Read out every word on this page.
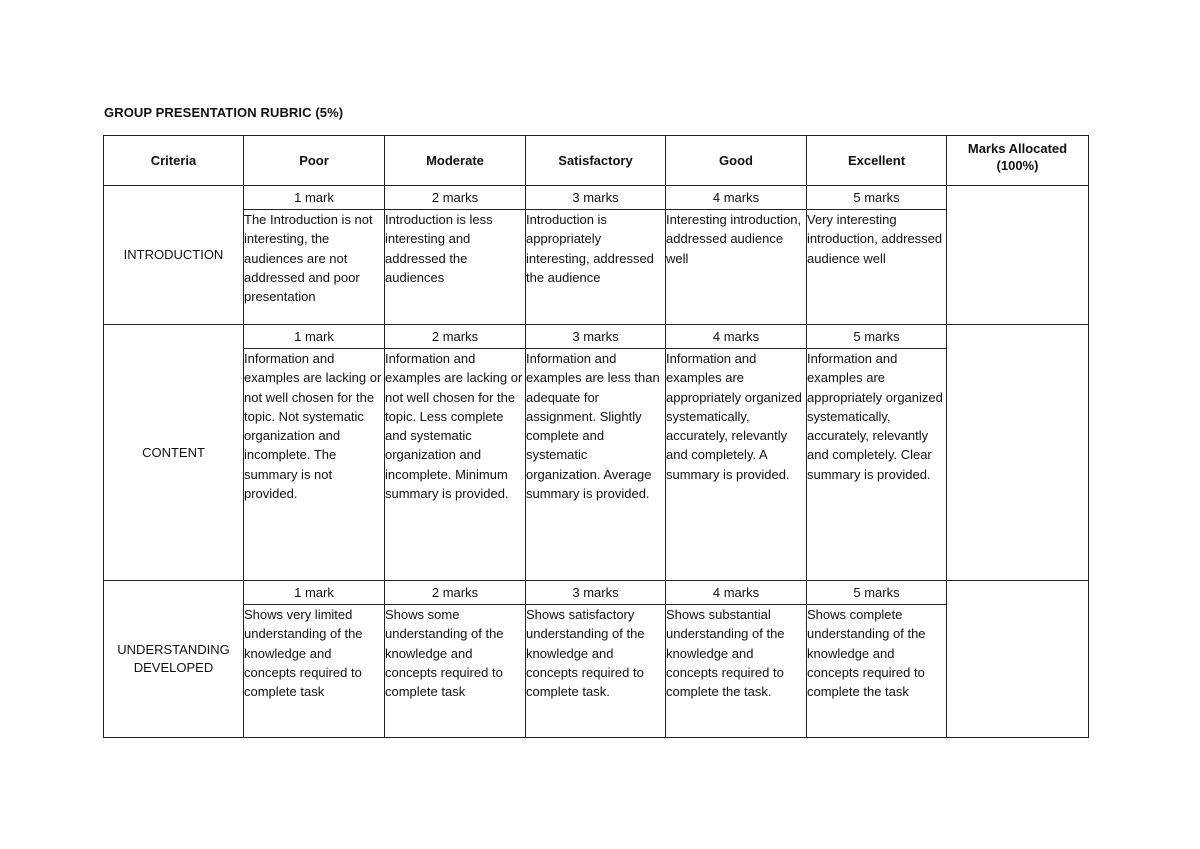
GROUP PRESENTATION RUBRIC (5%)
Criteria	Poor	Moderate	Satisfactory	Good	Excellent	Marks Allocated (100%)
INTRODUCTION	1 mark	2 marks	3 marks	4 marks	5 marks	
	The Introduction is not interesting, the audiences are not addressed and poor presentation	Introduction is less interesting and addressed the audiences	Introduction is appropriately interesting, addressed the audience	Interesting introduction, addressed audience well	Very interesting introduction, addressed audience well	
CONTENT	1 mark	2 marks	3 marks	4 marks	5 marks	
	Information and examples are lacking or not well chosen for the topic. Not systematic organization and incomplete. The summary is not provided.	Information and examples are lacking or not well chosen for the topic. Less complete and systematic organization and incomplete. Minimum summary is provided.	Information and examples are less than adequate for assignment. Slightly complete and systematic organization. Average summary is provided.	Information and examples are appropriately organized systematically, accurately, relevantly and completely. A summary is provided.	Information and examples are appropriately organized systematically, accurately, relevantly and completely. Clear summary is provided.	
UNDERSTANDING DEVELOPED	1 mark	2 marks	3 marks	4 marks	5 marks	
	Shows very limited understanding of the knowledge and concepts required to complete task	Shows some understanding of the knowledge and concepts required to complete task	Shows satisfactory understanding of the knowledge and concepts required to complete task.	Shows substantial understanding of the knowledge and concepts required to complete the task.	Shows complete understanding of the knowledge and concepts required to complete the task	
